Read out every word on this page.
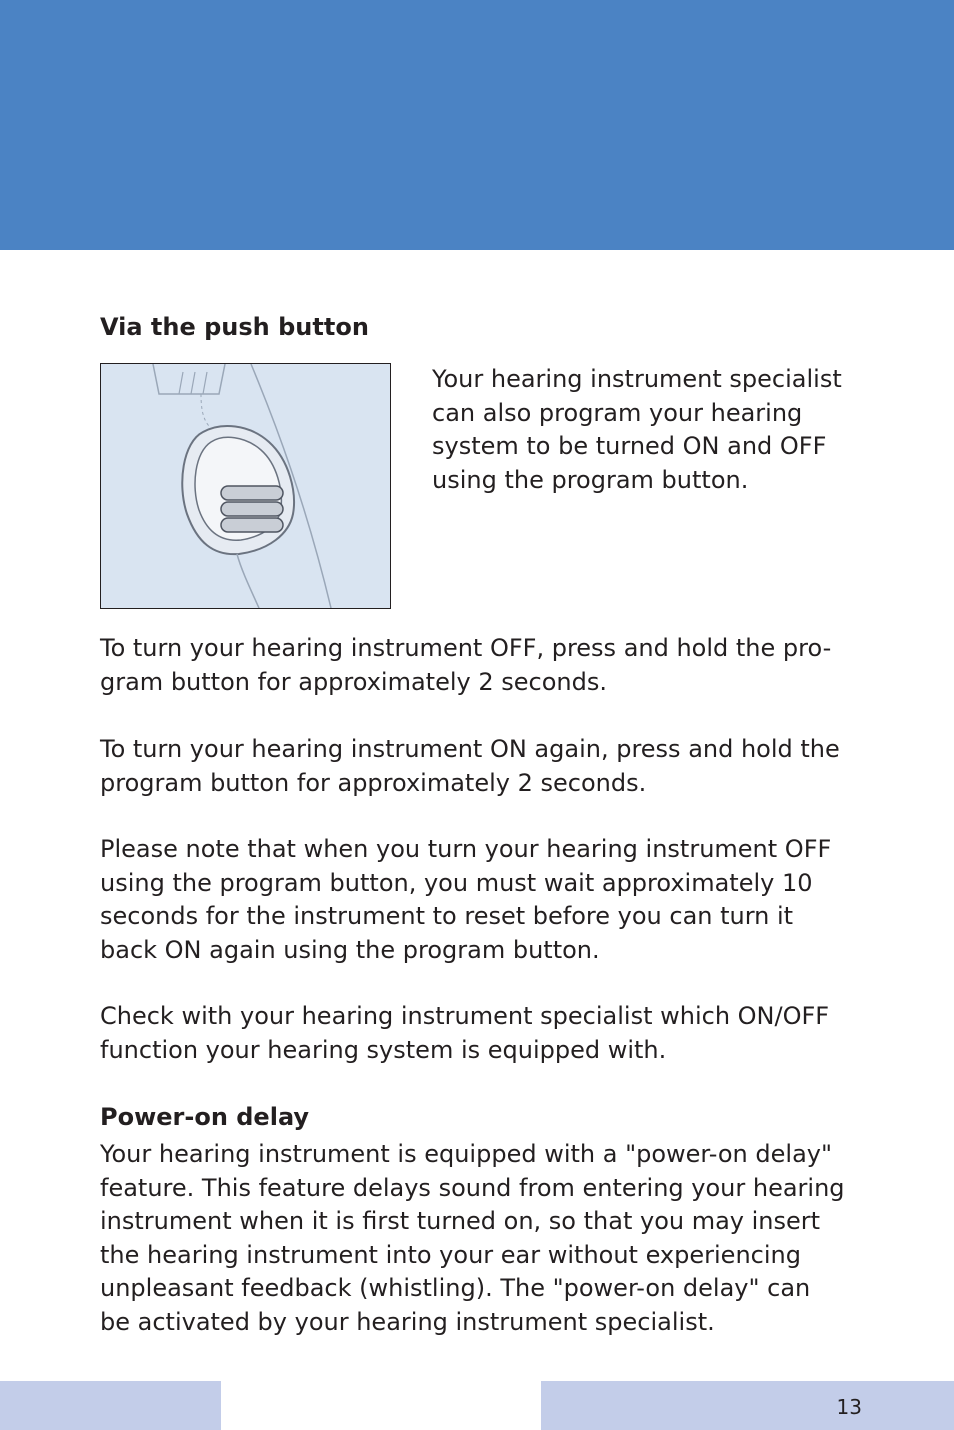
Via the push button

Your hearing instrument specialist
can also program your hearing
system to be turned ON and OFF
using the program button.

To turn your hearing instrument OFF, press and hold the pro-
gram button for approximately 2 seconds.

To turn your hearing instrument ON again, press and hold the
program button for approximately 2 seconds.

Please note that when you turn your hearing instrument OFF
using the program button, you must wait approximately 10
seconds for the instrument to reset before you can turn it
back ON again using the program button.

Check with your hearing instrument specialist which ON/OFF
function your hearing system is equipped with.

Power-on delay

Your hearing instrument is equipped with a "power-on delay"
feature. This feature delays sound from entering your hearing
instrument when it is first turned on, so that you may insert
the hearing instrument into your ear without experiencing
unpleasant feedback (whistling). The "power-on delay" can
be activated by your hearing instrument specialist.

13
